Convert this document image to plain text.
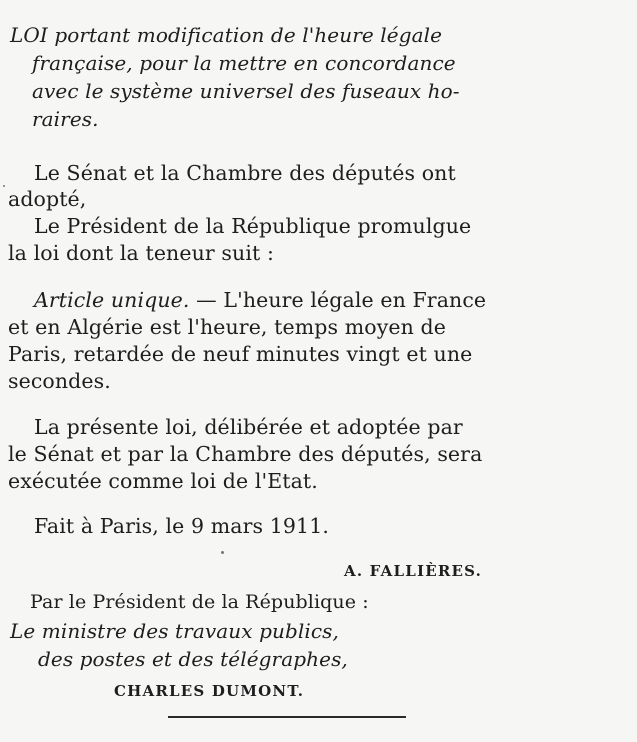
LOI portant modification de l'heure légale
française, pour la mettre en concordance
avec le système universel des fuseaux ho-
raires.
Le Sénat et la Chambre des députés ont
adopté,
Le Président de la République promulgue
la loi dont la teneur suit :
Article unique. — L'heure légale en France
et en Algérie est l'heure, temps moyen de
Paris, retardée de neuf minutes vingt et une
secondes.
La présente loi, délibérée et adoptée par
le Sénat et par la Chambre des députés, sera
exécutée comme loi de l'Etat.
Fait à Paris, le 9 mars 1911.
A. FALLIÈRES.
Par le Président de la République :
Le ministre des travaux publics,
des postes et des télégraphes,
CHARLES DUMONT.
